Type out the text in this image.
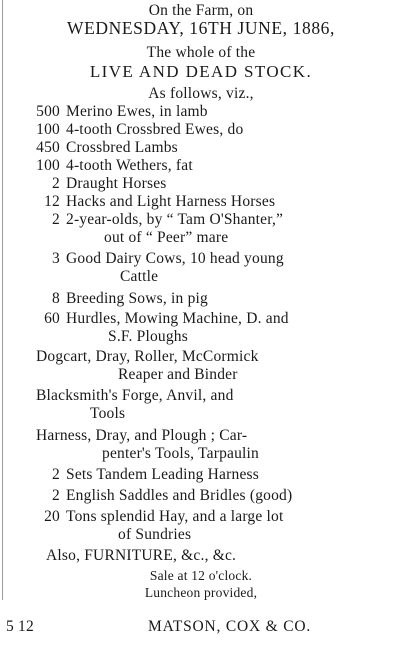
On the Farm, on
WEDNESDAY, 16TH JUNE, 1886,
The whole of the
LIVE AND DEAD STOCK.
As follows, viz.,
500 Merino Ewes, in lamb
100 4-tooth Crossbred Ewes, do
450 Crossbred Lambs
100 4-tooth Wethers, fat
2 Draught Horses
12 Hacks and Light Harness Horses
2 2-year-olds, by “ Tam O'Shanter,”
out of “ Peer” mare
3 Good Dairy Cows, 10 head young
Cattle
8 Breeding Sows, in pig
60 Hurdles, Mowing Machine, D. and
S.F. Ploughs
Dogcart, Dray, Roller, McCormick
Reaper and Binder
Blacksmith's Forge, Anvil, and
Tools
Harness, Dray, and Plough ; Car-
penter's Tools, Tarpaulin
2 Sets Tandem Leading Harness
2 English Saddles and Bridles (good)
20 Tons splendid Hay, and a large lot
of Sundries
Also, FURNITURE, &c., &c.
Sale at 12 o'clock.
Luncheon provided,
5 12	MATSON, COX & CO.
